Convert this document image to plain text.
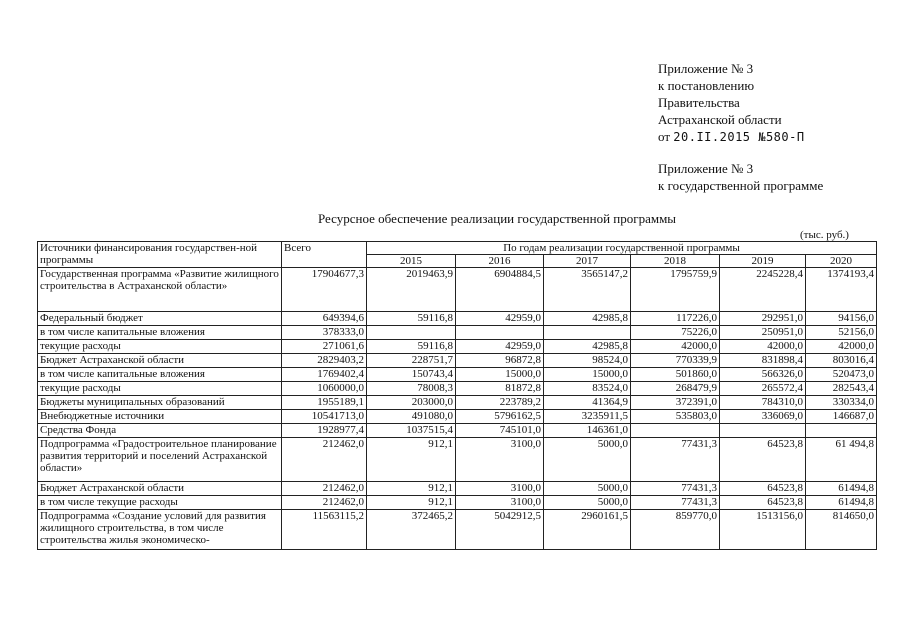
Приложение № 3
к постановлению
Правительства
Астраханской области
от 20.II.2015 №580-П
Приложение № 3
к государственной программе
Ресурсное обеспечение реализации государственной программы
(тыс. руб.)
Источники финансирования государствен-ной программы	Всего	По годам реализации государственной программы					
		2015	2016	2017	2018	2019	2020
Государственная программа «Развитие жилищного строительства в Астраханской области»	17904677,3	2019463,9	6904884,5	3565147,2	1795759,9	2245228,4	1374193,4
Федеральный бюджет	649394,6	59116,8	42959,0	42985,8	117226,0	292951,0	94156,0
в том числе капитальные вложения	378333,0				75226,0	250951,0	52156,0
текущие расходы	271061,6	59116,8	42959,0	42985,8	42000,0	42000,0	42000,0
Бюджет Астраханской области	2829403,2	228751,7	96872,8	98524,0	770339,9	831898,4	803016,4
в том числе капитальные вложения	1769402,4	150743,4	15000,0	15000,0	501860,0	566326,0	520473,0
текущие расходы	1060000,0	78008,3	81872,8	83524,0	268479,9	265572,4	282543,4
Бюджеты муниципальных образований	1955189,1	203000,0	223789,2	41364,9	372391,0	784310,0	330334,0
Внебюджетные источники	10541713,0	491080,0	5796162,5	3235911,5	535803,0	336069,0	146687,0
Средства Фонда	1928977,4	1037515,4	745101,0	146361,0			
Подпрограмма «Градостроительное планирование развития территорий и поселений Астраханской области»	212462,0	912,1	3100,0	5000,0	77431,3	64523,8	61 494,8
Бюджет Астраханской области	212462,0	912,1	3100,0	5000,0	77431,3	64523,8	61494,8
в том числе текущие расходы	212462,0	912,1	3100,0	5000,0	77431,3	64523,8	61494,8
Подпрограмма «Создание условий для развития жилищного строительства, в том числе строительства жилья экономическо-	11563115,2	372465,2	5042912,5	2960161,5	859770,0	1513156,0	814650,0
